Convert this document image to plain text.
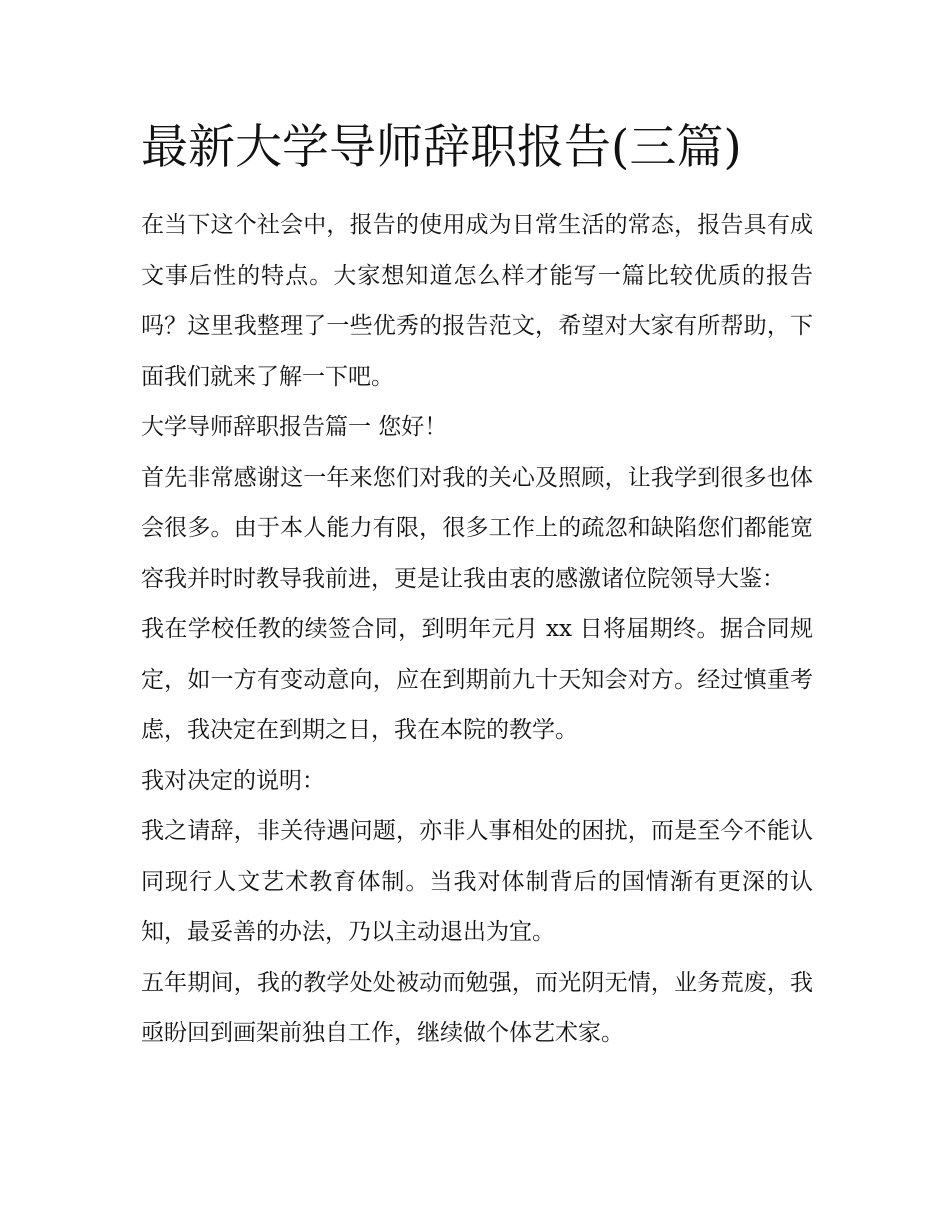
最新大学导师辞职报告(三篇)

在当下这个社会中，报告的使用成为日常生活的常态，报告具有成文事后性的特点。大家想知道怎么样才能写一篇比较优质的报告吗？这里我整理了一些优秀的报告范文，希望对大家有所帮助，下面我们就来了解一下吧。

大学导师辞职报告篇一 您好！

首先非常感谢这一年来您们对我的关心及照顾，让我学到很多也体会很多。由于本人能力有限，很多工作上的疏忽和缺陷您们都能宽容我并时时教导我前进，更是让我由衷的感激诸位院领导大鉴：

我在学校任教的续签合同，到明年元月 xx 日将届期终。据合同规定，如一方有变动意向，应在到期前九十天知会对方。经过慎重考虑，我决定在到期之日，我在本院的教学。

我对决定的说明：

我之请辞，非关待遇问题，亦非人事相处的困扰，而是至今不能认同现行人文艺术教育体制。当我对体制背后的国情渐有更深的认知，最妥善的办法，乃以主动退出为宜。

五年期间，我的教学处处被动而勉强，而光阴无情，业务荒废，我亟盼回到画架前独自工作，继续做个体艺术家。
